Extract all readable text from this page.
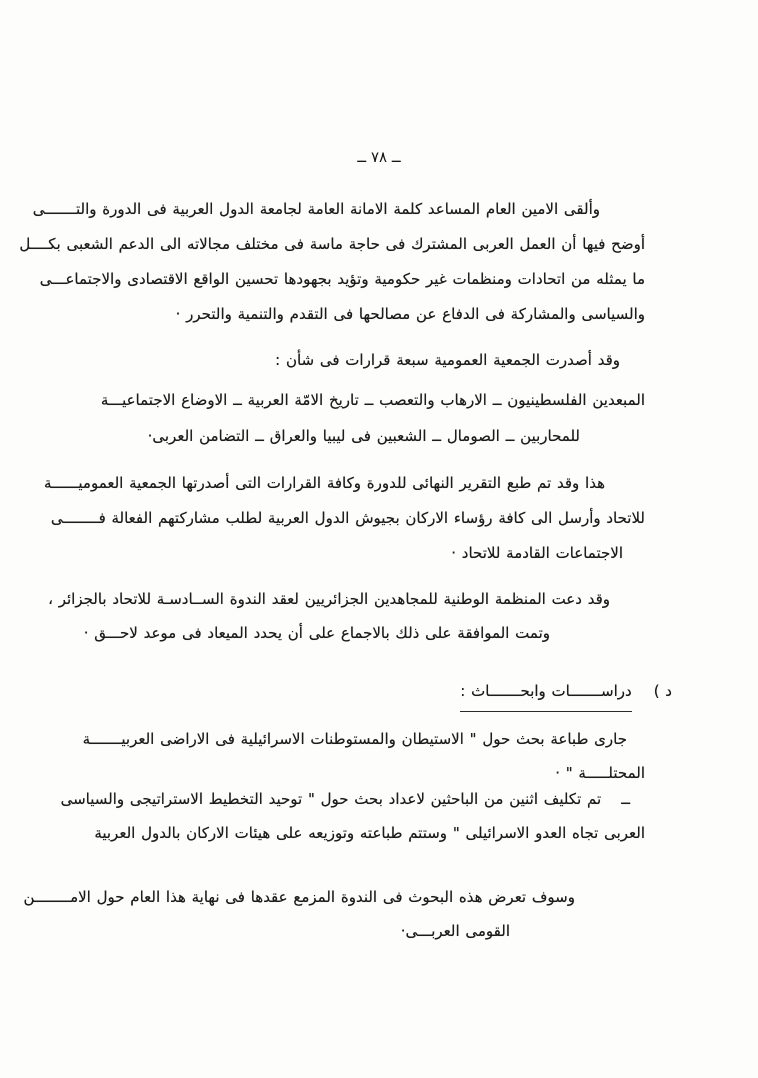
ــ ٧٨ ــ
وألقى الامين العام المساعد كلمة الامانة العامة لجامعة الدول العربية فى الدورة والتـــــــى
أوضح فيها أن العمل العربى المشترك فى حاجة ماسة فى مختلف مجالاته الى الدعم الشعبى بكــــل
ما يمثله من اتحادات ومنظمات غير حكومية وتؤيد بجهودها تحسين الواقع الاقتصادى والاجتماعـــى
والسياسى والمشاركة فى الدفاع عن مصالحها فى التقدم والتنمية والتحرر ·
وقد أصدرت الجمعية العمومية سبعة قرارات فى شأن :
المبعدين الفلسطينيون ــ الارهاب والتعصب ــ تاريخ الامّة العربية ــ الاوضاع الاجتماعيـــة
للمحاربين ــ الصومال ــ الشعبين فى ليبيا والعراق ــ التضامن العربى·
هذا وقد تم طبع التقرير النهائى للدورة وكافة القرارات التى أصدرتها الجمعية العموميــــــة
للاتحاد وأرسل الى كافة رؤساء الاركان بجيوش الدول العربية لطلب مشاركتهم الفعالة فــــــــى
الاجتماعات القادمة للاتحاد ·
وقد دعت المنظمة الوطنية للمجاهدين الجزائريين لعقد الندوة الســادسـة للاتحاد بالجزائر ،
وتمت الموافقة على ذلك بالاجماع على أن يحدد الميعاد فى موعد لاحـــق ·
د )دراســـــــات وابحـــــــاث :
جارى طباعة بحث حول " الاستيطان والمستوطنات الاسرائيلية فى الاراضى العربيـــــــة
المحتلـــــة " ·
ــتم تكليف اثنين من الباحثين لاعداد بحث حول " توحيد التخطيط الاستراتيجى والسياسى
العربى تجاه العدو الاسرائيلى " وستتم طباعته وتوزيعه على هيئات الاركان بالدول العربية
وسوف تعرض هذه البحوث فى الندوة المزمع عقدها فى نهاية هذا العام حول الامــــــــن
القومى العربـــى·
